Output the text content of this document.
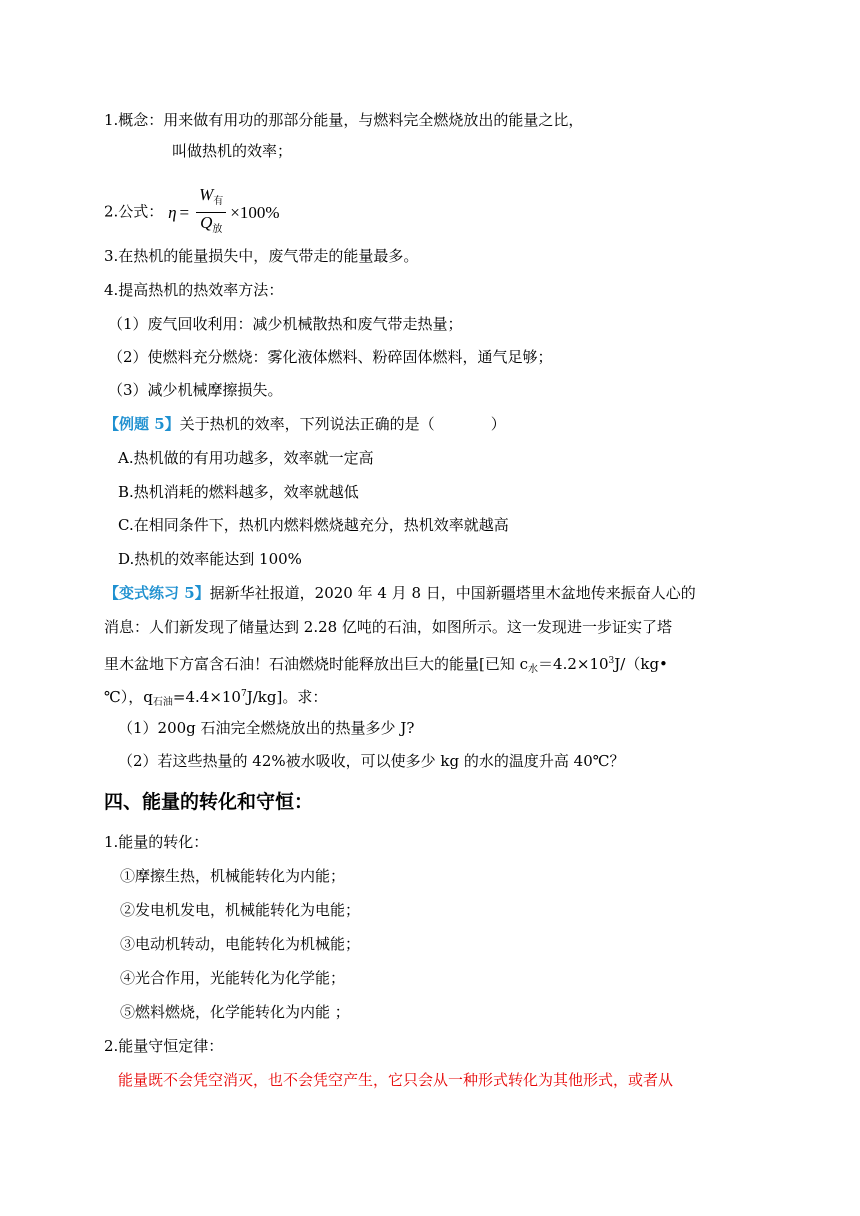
1.概念：用来做有用功的那部分能量，与燃料完全燃烧放出的能量之比，
叫做热机的效率；
2.公式： $\eta = \frac{W_有}{Q_放} \times 100\%$
3.在热机的能量损失中，废气带走的能量最多。
4.提高热机的热效率方法：
（1）废气回收利用：减少机械散热和废气带走热量；
（2）使燃料充分燃烧：雾化液体燃料、粉碎固体燃料，通气足够；
（3）减少机械摩擦损失。
【例题 5】关于热机的效率，下列说法正确的是（	）
A.热机做的有用功越多，效率就一定高
B.热机消耗的燃料越多，效率就越低
C.在相同条件下，热机内燃料燃烧越充分，热机效率就越高
D.热机的效率能达到 100%
【变式练习 5】据新华社报道，2020 年 4 月 8 日，中国新疆塔里木盆地传来振奋人心的
消息：人们新发现了储量达到 2.28 亿吨的石油，如图所示。这一发现进一步证实了塔
里木盆地下方富含石油！石油燃烧时能释放出巨大的能量[已知 $c_水=4.2\times 10^3J/(kg•$
℃），$q_{石油}=4.4\times 10^7J/kg$]。求：
（1）200g 石油完全燃烧放出的热量多少 J?
（2）若这些热量的 42%被水吸收，可以使多少 kg 的水的温度升高 40℃？
四、能量的转化和守恒：
1.能量的转化：
①摩擦生热，机械能转化为内能；
②发电机发电，机械能转化为电能；
③电动机转动，电能转化为机械能；
④光合作用，光能转化为化学能；
⑤燃料燃烧，化学能转化为内能 ；
2.能量守恒定律：
能量既不会凭空消灭，也不会凭空产生，它只会从一种形式转化为其他形式，或者从
